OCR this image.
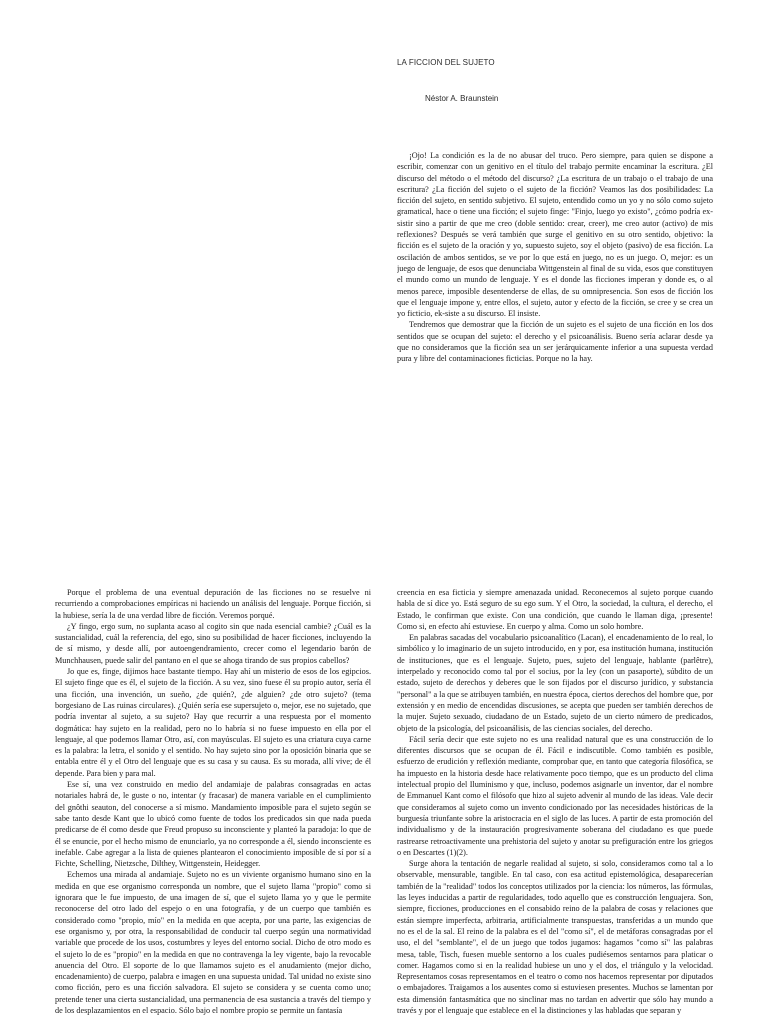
LA FICCION DEL SUJETO
Néstor A. Braunstein

¡Ojo! La condición es la de no abusar del truco. Pero siempre, para quien se dispone a escribir, comenzar con un genitivo en el título del trabajo permite encaminar la escritura. ¿El discurso del método o el método del discurso? ¿La escritura de un trabajo o el trabajo de una escritura? ¿La ficción del sujeto o el sujeto de la ficción? Veamos las dos posibilidades: La ficción del sujeto, en sentido subjetivo. El sujeto, entendido como un yo y no sólo como sujeto gramatical, hace o tiene una ficción; el sujeto finge: "Finjo, luego yo existo", ¿cómo podría ex-sistir sino a partir de que me creo (doble sentido: crear, creer), me creo autor (activo) de mis reflexiones? Después se verá también que surge el genitivo en su otro sentido, objetivo: la ficción es el sujeto de la oración y yo, supuesto sujeto, soy el objeto (pasivo) de esa ficción. La oscilación de ambos sentidos, se ve por lo que está en juego, no es un juego. O, mejor: es un juego de lenguaje, de esos que denunciaba Wittgenstein al final de su vida, esos que constituyen el mundo como un mundo de lenguaje. Y es el donde las ficciones imperan y donde es, o al menos parece, imposible desentenderse de ellas, de su omnipresencia. Son esos de ficción los que el lenguaje impone y, entre ellos, el sujeto, autor y efecto de la ficción, se cree y se crea un yo ficticio, ek-siste a su discurso. El insiste.

Tendremos que demostrar que la ficción de un sujeto es el sujeto de una ficción en los dos sentidos que se ocupan del sujeto: el derecho y el psicoanálisis. Bueno sería aclarar desde ya que no consideramos que la ficción sea un ser jerárquicamente inferior a una supuesta verdad pura y libre del contaminaciones ficticias. Porque no la hay.

Porque el problema de una eventual depuración de las ficciones no se resuelve ni recurriendo a comprobaciones empíricas ni haciendo un análisis del lenguaje. Porque ficción, si la hubiese, sería la de una verdad libre de ficción. Veremos porqué.

¿Y fingo, ergo sum, no suplanta acaso al cogito sin que nada esencial cambie? ¿Cuál es la sustancialidad, cuál la referencia, del ego, sino su posibilidad de hacer ficciones, incluyendo la de sí mismo, y desde allí, por autoengendramiento, crecer como el legendario barón de Munchhausen, puede salir del pantano en el que se ahoga tirando de sus propios cabellos?

Jo que es, finge, dijimos hace bastante tiempo. Hay ahí un misterio de esos de los egipcios. El sujeto finge que es él, el sujeto de la ficción. A su vez, sino fuese él su propio autor, sería él una ficción, una invención, un sueño, ¿de quién?, ¿de alguien? ¿de otro sujeto? (tema borgesiano de Las ruinas circulares). ¿Quién sería ese supersujeto o, mejor, ese no sujetado, que podría inventar al sujeto, a su sujeto? Hay que recurrir a una respuesta por el momento dogmática: hay sujeto en la realidad, pero no lo habría si no fuese impuesto en ella por el lenguaje, al que podemos llamar Otro, así, con mayúsculas. El sujeto es una criatura cuya carne es la palabra: la letra, el sonido y el sentido. No hay sujeto sino por la oposición binaria que se entabla entre él y el Otro del lenguaje que es su casa y su causa. Es su morada, allí vive; de él depende. Para bien y para mal.

Ese sí, una vez construido en medio del andamiaje de palabras consagradas en actas notariales habrá de, le guste o no, intentar (y fracasar) de manera variable en el cumplimiento del gnôthi seauton, del conocerse a sí mismo. Mandamiento imposible para el sujeto según se sabe tanto desde Kant que lo ubicó como fuente de todos los predicados sin que nada pueda predicarse de él como desde que Freud propuso su inconsciente y planteó la paradoja: lo que de él se enuncie, por el hecho mismo de enunciarlo, ya no corresponde a él, siendo inconsciente es inefable. Cabe agregar a la lista de quienes plantearon el conocimiento imposible de sí por sí a Fichte, Schelling, Nietzsche, Dilthey, Wittgenstein, Heidegger.

Echemos una mirada al andamiaje. Sujeto no es un viviente organismo humano sino en la medida en que ese organismo corresponda un nombre, que el sujeto llama "propio" como si ignorara que le fue impuesto, de una imagen de sí, que el sujeto llama yo y que le permite reconocerse del otro lado del espejo o en una fotografía, y de un cuerpo que también es considerado como "propio, mío" en la medida en que acepta, por una parte, las exigencias de ese organismo y, por otra, la responsabilidad de conducir tal cuerpo según una normatividad variable que procede de los usos, costumbres y leyes del entorno social. Dicho de otro modo es el sujeto lo de es "propio" en la medida en que no contravenga la ley vigente, bajo la revocable anuencia del Otro. El soporte de lo que llamamos sujeto es el anudamiento (mejor dicho, encadenamiento) de cuerpo, palabra e imagen en una supuesta unidad. Tal unidad no existe sino como ficción, pero es una ficción salvadora. El sujeto se considera y se cuenta como uno; pretende tener una cierta sustancialidad, una permanencia de esa sustancia a través del tiempo y de los desplazamientos en el espacio. Sólo bajo el nombre propio se permite un fantasía

creencia en esa ficticia y siempre amenazada unidad. Reconecemos al sujeto porque cuando habla de sí dice yo. Está seguro de su ego sum. Y el Otro, la sociedad, la cultura, el derecho, el Estado, le confirman que existe. Con una condición, que cuando le llaman diga, ¡presente! Como si, en efecto ahí estuviese. En cuerpo y alma. Como un solo hombre.

En palabras sacadas del vocabulario psicoanalítico (Lacan), el encadenamiento de lo real, lo simbólico y lo imaginario de un sujeto introducido, en y por, esa institución humana, institución de instituciones, que es el lenguaje. Sujeto, pues, sujeto del lenguaje, hablante (parlêtre), interpelado y reconocido como tal por el socius, por la ley (con un pasaporte), súbdito de un estado, sujeto de derechos y deberes que le son fijados por el discurso jurídico, y substancia "personal" a la que se atribuyen también, en nuestra época, ciertos derechos del hombre que, por extensión y en medio de encendidas discusiones, se acepta que pueden ser también derechos de la mujer. Sujeto sexuado, ciudadano de un Estado, sujeto de un cierto número de predicados, objeto de la psicología, del psicoanálisis, de las ciencias sociales, del derecho.

Fácil sería decir que este sujeto no es una realidad natural que es una construcción de lo diferentes discursos que se ocupan de él. Fácil e indiscutible. Como también es posible, esfuerzo de erudición y reflexión mediante, comprobar que, en tanto que categoría filosófica, se ha impuesto en la historia desde hace relativamente poco tiempo, que es un producto del clima intelectual propio del Iluminismo y que, incluso, podemos asignarle un inventor, dar el nombre de Emmanuel Kant como el filósofo que hizo al sujeto advenir al mundo de las ideas. Vale decir que consideramos al sujeto como un invento condicionado por las necesidades históricas de la burguesía triunfante sobre la aristocracia en el siglo de las luces. A partir de esta promoción del individualismo y de la instauración progresivamente soberana del ciudadano es que puede rastrearse retroactivamente una prehistoria del sujeto y anotar su prefiguración entre los griegos o en Descartes (1)(2).

Surge ahora la tentación de negarle realidad al sujeto, si solo, consideramos como tal a lo observable, mensurable, tangible. En tal caso, con esa actitud epistemológica, desaparecerían también de la "realidad" todos los conceptos utilizados por la ciencia: los números, las fórmulas, las leyes inducidas a partir de regularidades, todo aquello que es construcción lenguajera. Son, siempre, ficciones, producciones en el consabido reino de la palabra de cosas y relaciones que están siempre imperfecta, arbitraria, artificialmente transpuestas, transferidas a un mundo que no es el de la sal. El reino de la palabra es el del "como sí", el de metáforas consagradas por el uso, el del "semblante", el de un juego que todos jugamos: hagamos "como sí" las palabras mesa, table, Tisch, fuesen mueble sentorno a los cuales pudiésemos sentarnos para platicar o comer. Hagamos como si en la realidad hubiese un uno y el dos, el triángulo y la velocidad. Representamos cosas representamos en el teatro o como nos hacemos representar por diputados o embajadores. Traigamos a los ausentes como si estuviesen presentes. Muchos se lamentan por esta dimensión fantasmática que no sinclinar mas no tardan en advertir que sólo hay mundo a través y por el lenguaje que establece en el la distinciones y las habladas que separan y
